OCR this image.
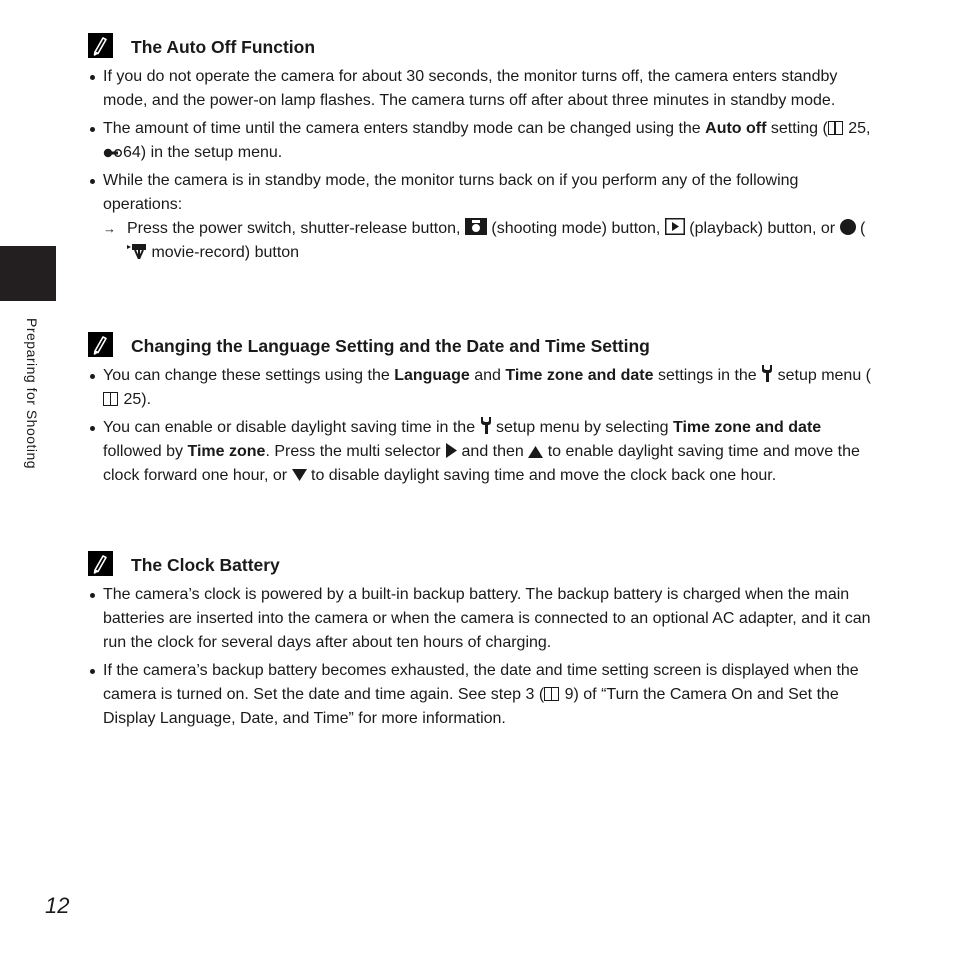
Preparing for Shooting
The Auto Off Function
If you do not operate the camera for about 30 seconds, the monitor turns off, the camera enters standby mode, and the power-on lamp flashes. The camera turns off after about three minutes in standby mode.
The amount of time until the camera enters standby mode can be changed using the Auto off setting ( 25, 64) in the setup menu.
While the camera is in standby mode, the monitor turns back on if you perform any of the following operations:
→ Press the power switch, shutter-release button,  (shooting mode) button,  (playback) button, or  ( movie-record) button
Changing the Language Setting and the Date and Time Setting
You can change these settings using the Language and Time zone and date settings in the  setup menu ( 25).
You can enable or disable daylight saving time in the  setup menu by selecting Time zone and date followed by Time zone. Press the multi selector  and then  to enable daylight saving time and move the clock forward one hour, or  to disable daylight saving time and move the clock back one hour.
The Clock Battery
The camera’s clock is powered by a built-in backup battery. The backup battery is charged when the main batteries are inserted into the camera or when the camera is connected to an optional AC adapter, and it can run the clock for several days after about ten hours of charging.
If the camera’s backup battery becomes exhausted, the date and time setting screen is displayed when the camera is turned on. Set the date and time again. See step 3 ( 9) of “Turn the Camera On and Set the Display Language, Date, and Time” for more information.
12
